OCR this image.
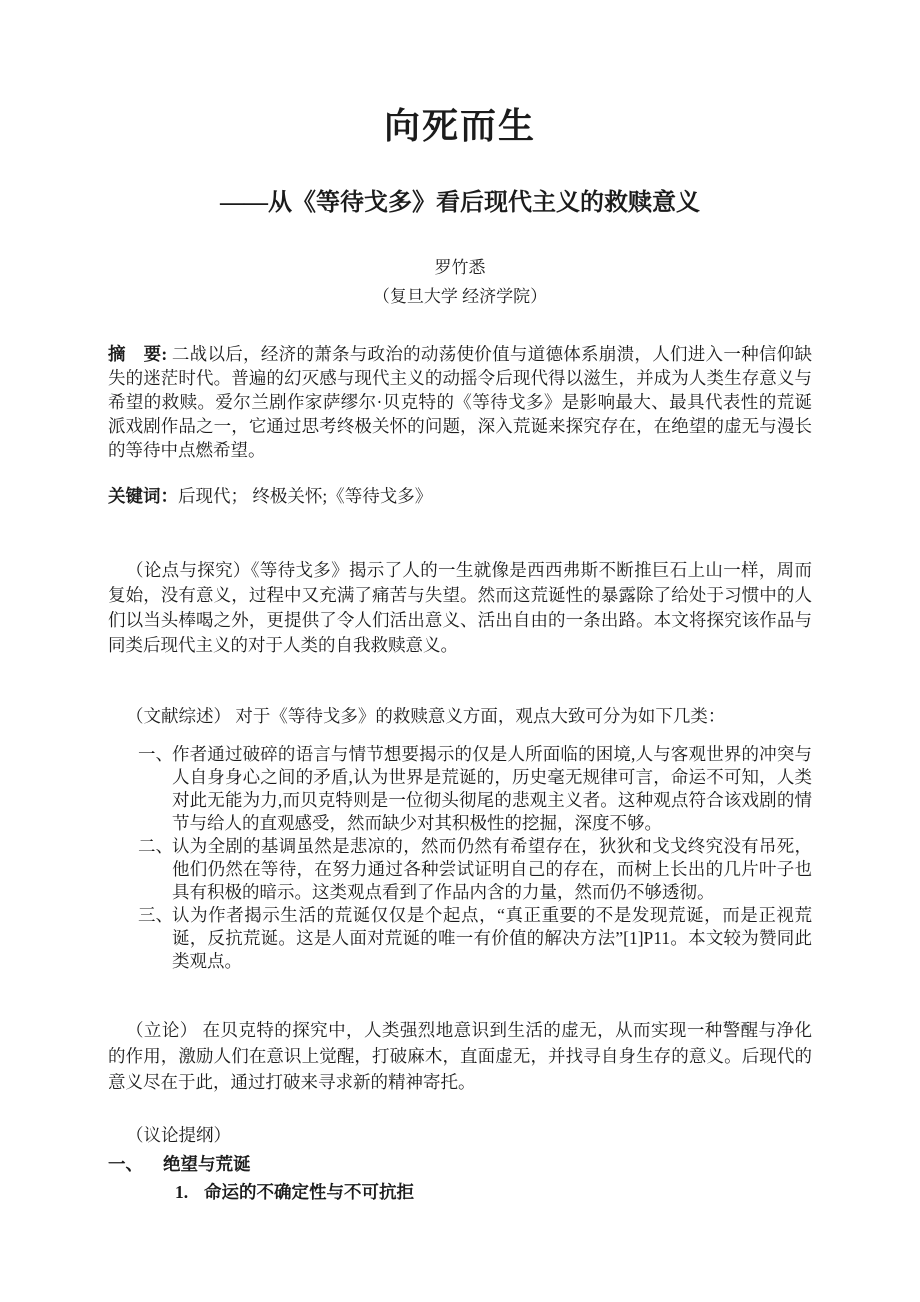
向死而生
——从《等待戈多》看后现代主义的救赎意义
罗竹悉
（复旦大学 经济学院）
摘　要: 二战以后，经济的萧条与政治的动荡使价值与道德体系崩溃，人们进入一种信仰缺失的迷茫时代。普遍的幻灭感与现代主义的动摇令后现代得以滋生，并成为人类生存意义与希望的救赎。爱尔兰剧作家萨缪尔·贝克特的《等待戈多》是影响最大、最具代表性的荒诞派戏剧作品之一，它通过思考终极关怀的问题，深入荒诞来探究存在，在绝望的虚无与漫长的等待中点燃希望。
关键词：后现代； 终极关怀;《等待戈多》
（论点与探究）《等待戈多》揭示了人的一生就像是西西弗斯不断推巨石上山一样，周而复始，没有意义，过程中又充满了痛苦与失望。然而这荒诞性的暴露除了给处于习惯中的人们以当头棒喝之外，更提供了令人们活出意义、活出自由的一条出路。本文将探究该作品与同类后现代主义的对于人类的自我救赎意义。
（文献综述） 对于《等待戈多》的救赎意义方面，观点大致可分为如下几类：
一、 作者通过破碎的语言与情节想要揭示的仅是人所面临的困境,人与客观世界的冲突与人自身身心之间的矛盾,认为世界是荒诞的，历史毫无规律可言，命运不可知，人类对此无能为力,而贝克特则是一位彻头彻尾的悲观主义者。这种观点符合该戏剧的情节与给人的直观感受，然而缺少对其积极性的挖掘，深度不够。
二、 认为全剧的基调虽然是悲凉的，然而仍然有希望存在，狄狄和戈戈终究没有吊死，他们仍然在等待，在努力通过各种尝试证明自己的存在，而树上长出的几片叶子也具有积极的暗示。这类观点看到了作品内含的力量，然而仍不够透彻。
三、 认为作者揭示生活的荒诞仅仅是个起点，“真正重要的不是发现荒诞，而是正视荒诞，反抗荒诞。这是人面对荒诞的唯一有价值的解决方法”[1]P11。本文较为赞同此类观点。
（立论） 在贝克特的探究中，人类强烈地意识到生活的虚无，从而实现一种警醒与净化的作用，激励人们在意识上觉醒，打破麻木，直面虚无，并找寻自身生存的意义。后现代的意义尽在于此，通过打破来寻求新的精神寄托。
（议论提纲）
一、 绝望与荒诞
1. 命运的不确定性与不可抗拒
